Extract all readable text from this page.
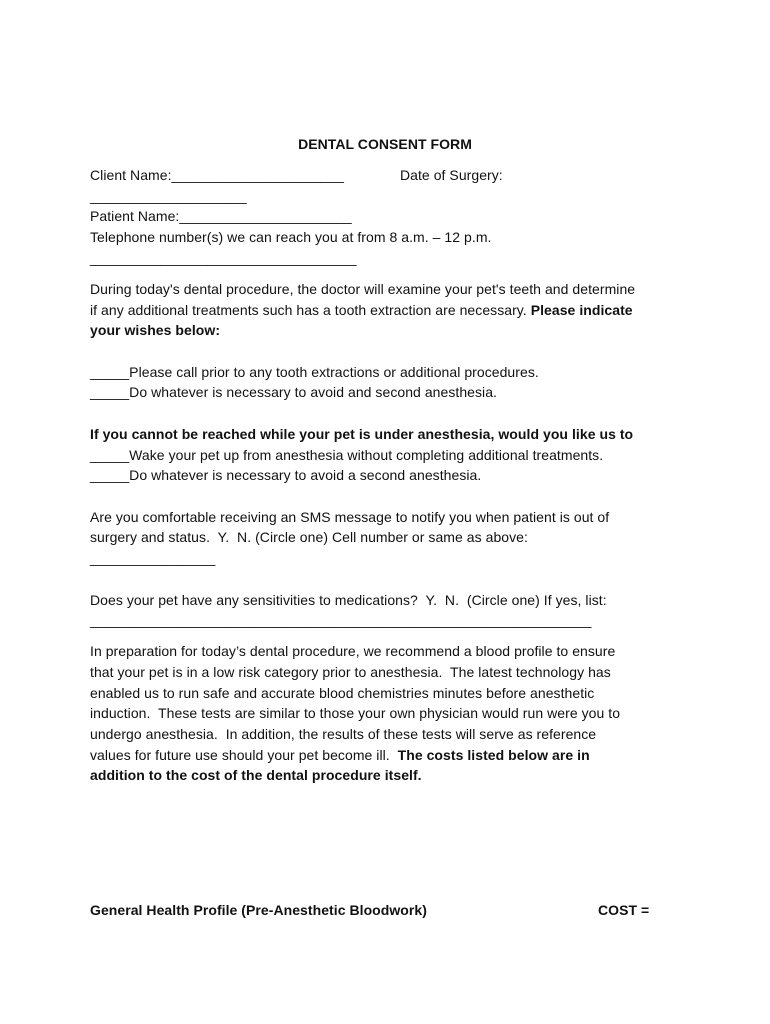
DENTAL CONSENT FORM
Client Name:______________________	Date of Surgery:
____________________
Patient Name:______________________
Telephone number(s) we can reach you at from 8 a.m. – 12 p.m.
__________________________________
During today's dental procedure, the doctor will examine your pet's teeth and determine
if any additional treatments such has a tooth extraction are necessary. Please indicate
your wishes below:
_____Please call prior to any tooth extractions or additional procedures.
_____Do whatever is necessary to avoid and second anesthesia.
If you cannot be reached while your pet is under anesthesia, would you like us to
_____Wake your pet up from anesthesia without completing additional treatments.
_____Do whatever is necessary to avoid a second anesthesia.
Are you comfortable receiving an SMS message to notify you when patient is out of
surgery and status.  Y.  N. (Circle one) Cell number or same as above:
________________
Does your pet have any sensitivities to medications?  Y.  N.  (Circle one) If yes, list:
________________________________________________________________
In preparation for today’s dental procedure, we recommend a blood profile to ensure
that your pet is in a low risk category prior to anesthesia.  The latest technology has
enabled us to run safe and accurate blood chemistries minutes before anesthetic
induction.  These tests are similar to those your own physician would run were you to
undergo anesthesia.  In addition, the results of these tests will serve as reference
values for future use should your pet become ill.  The costs listed below are in
addition to the cost of the dental procedure itself.
General Health Profile (Pre-Anesthetic Bloodwork)	COST =
